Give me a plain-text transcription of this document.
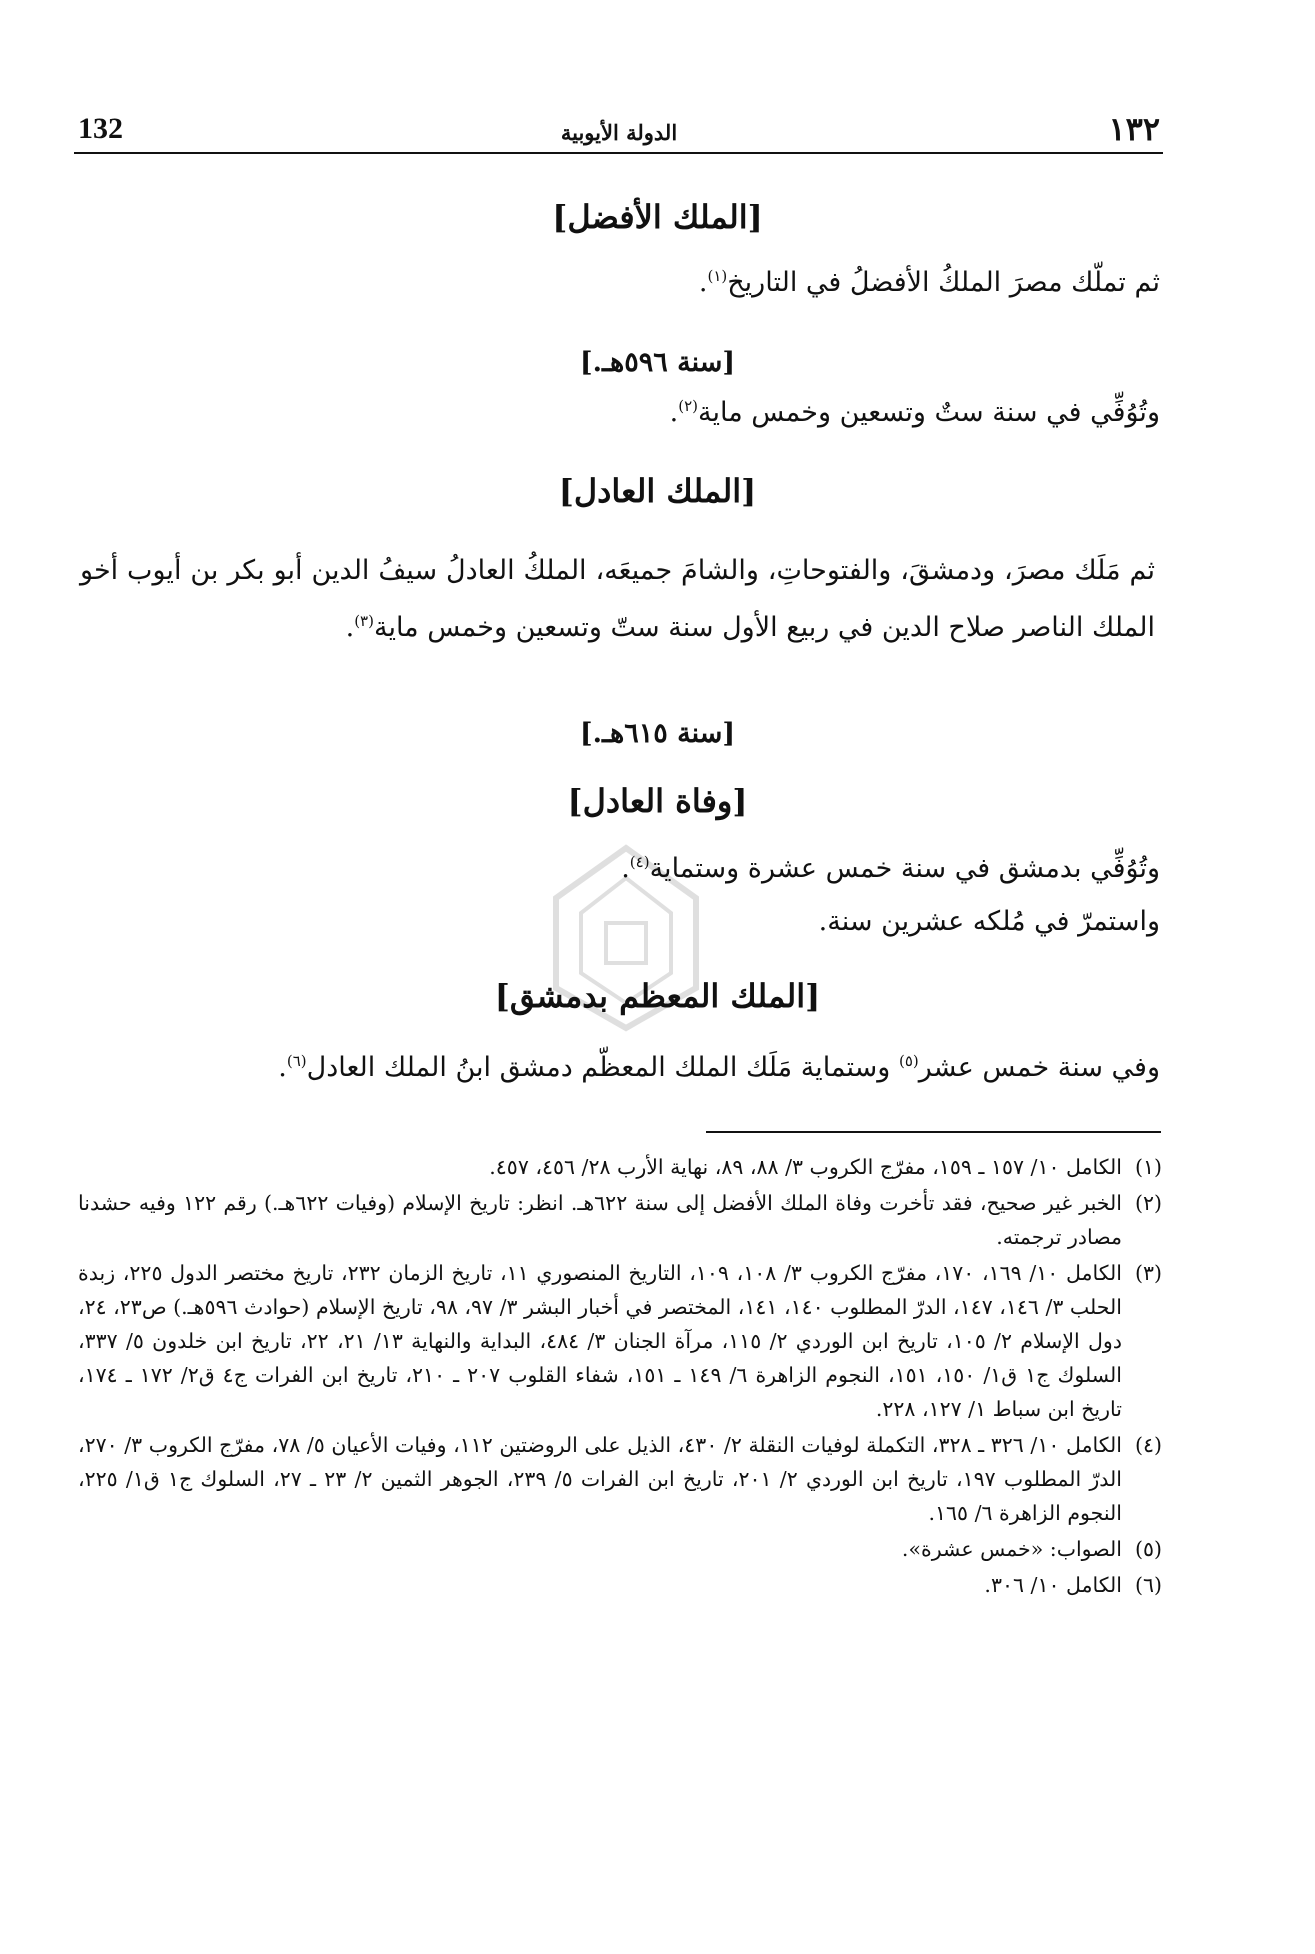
132	الدولة الأيوبية	١٣٢
[الملك الأفضل]
ثم تملّك مصرَ الملكُ الأفضلُ في التاريخ$^{(١)}$.
[سنة ٥٩٦هـ.]
وتُوُفِّي في سنة ستٌ وتسعين وخمس ماية$^{(٢)}$.
[الملك العادل]
ثم مَلَك مصرَ، ودمشقَ، والفتوحاتِ، والشامَ جميعَه، الملكُ العادلُ سيفُ الدين أبو بكر بن أيوب أخو الملك الناصر صلاح الدين في ربيع الأول سنة ستّ وتسعين وخمس ماية$^{(٣)}$.
[سنة ٦١٥هـ.]
[وفاة العادل]
وتُوُفِّي بدمشق في سنة خمس عشرة وستماية$^{(٤)}$.
واستمرّ في مُلكه عشرين سنة.
[الملك المعظم بدمشق]
وفي سنة خمس عشر$^{(٥)}$ وستماية مَلَك الملك المعظّم دمشق ابنُ الملك العادل$^{(٦)}$.
(١)
الكامل ١٠/ ١٥٧ ـ ١٥٩، مفرّج الكروب ٣/ ٨٨، ٨٩، نهاية الأرب ٢٨/ ٤٥٦، ٤٥٧.
(٢)
الخبر غير صحيح، فقد تأخرت وفاة الملك الأفضل إلى سنة ٦٢٢هـ. انظر: تاريخ الإسلام (وفيات ٦٢٢هـ.) رقم ١٢٢ وفيه حشدنا مصادر ترجمته.
(٣)
الكامل ١٠/ ١٦٩، ١٧٠، مفرّج الكروب ٣/ ١٠٨، ١٠٩، التاريخ المنصوري ١١، تاريخ الزمان ٢٣٢، تاريخ مختصر الدول ٢٢٥، زبدة الحلب ٣/ ١٤٦، ١٤٧، الدرّ المطلوب ١٤٠، ١٤١، المختصر في أخبار البشر ٣/ ٩٧، ٩٨، تاريخ الإسلام (حوادث ٥٩٦هـ.) ص٢٣، ٢٤، دول الإسلام ٢/ ١٠٥، تاريخ ابن الوردي ٢/ ١١٥، مرآة الجنان ٣/ ٤٨٤، البداية والنهاية ١٣/ ٢١، ٢٢، تاريخ ابن خلدون ٥/ ٣٣٧، السلوك ج١ ق١/ ١٥٠، ١٥١، النجوم الزاهرة ٦/ ١٤٩ ـ ١٥١، شفاء القلوب ٢٠٧ ـ ٢١٠، تاريخ ابن الفرات ج٤ ق٢/ ١٧٢ ـ ١٧٤، تاريخ ابن سباط ١/ ١٢٧، ٢٢٨.
(٤)
الكامل ١٠/ ٣٢٦ ـ ٣٢٨، التكملة لوفيات النقلة ٢/ ٤٣٠، الذيل على الروضتين ١١٢، وفيات الأعيان ٥/ ٧٨، مفرّج الكروب ٣/ ٢٧٠، الدرّ المطلوب ١٩٧، تاريخ ابن الوردي ٢/ ٢٠١، تاريخ ابن الفرات ٥/ ٢٣٩، الجوهر الثمين ٢/ ٢٣ ـ ٢٧، السلوك ج١ ق١/ ٢٢٥، النجوم الزاهرة ٦/ ١٦٥.
(٥)
الصواب: «خمس عشرة».
(٦)
الكامل ١٠/ ٣٠٦.
